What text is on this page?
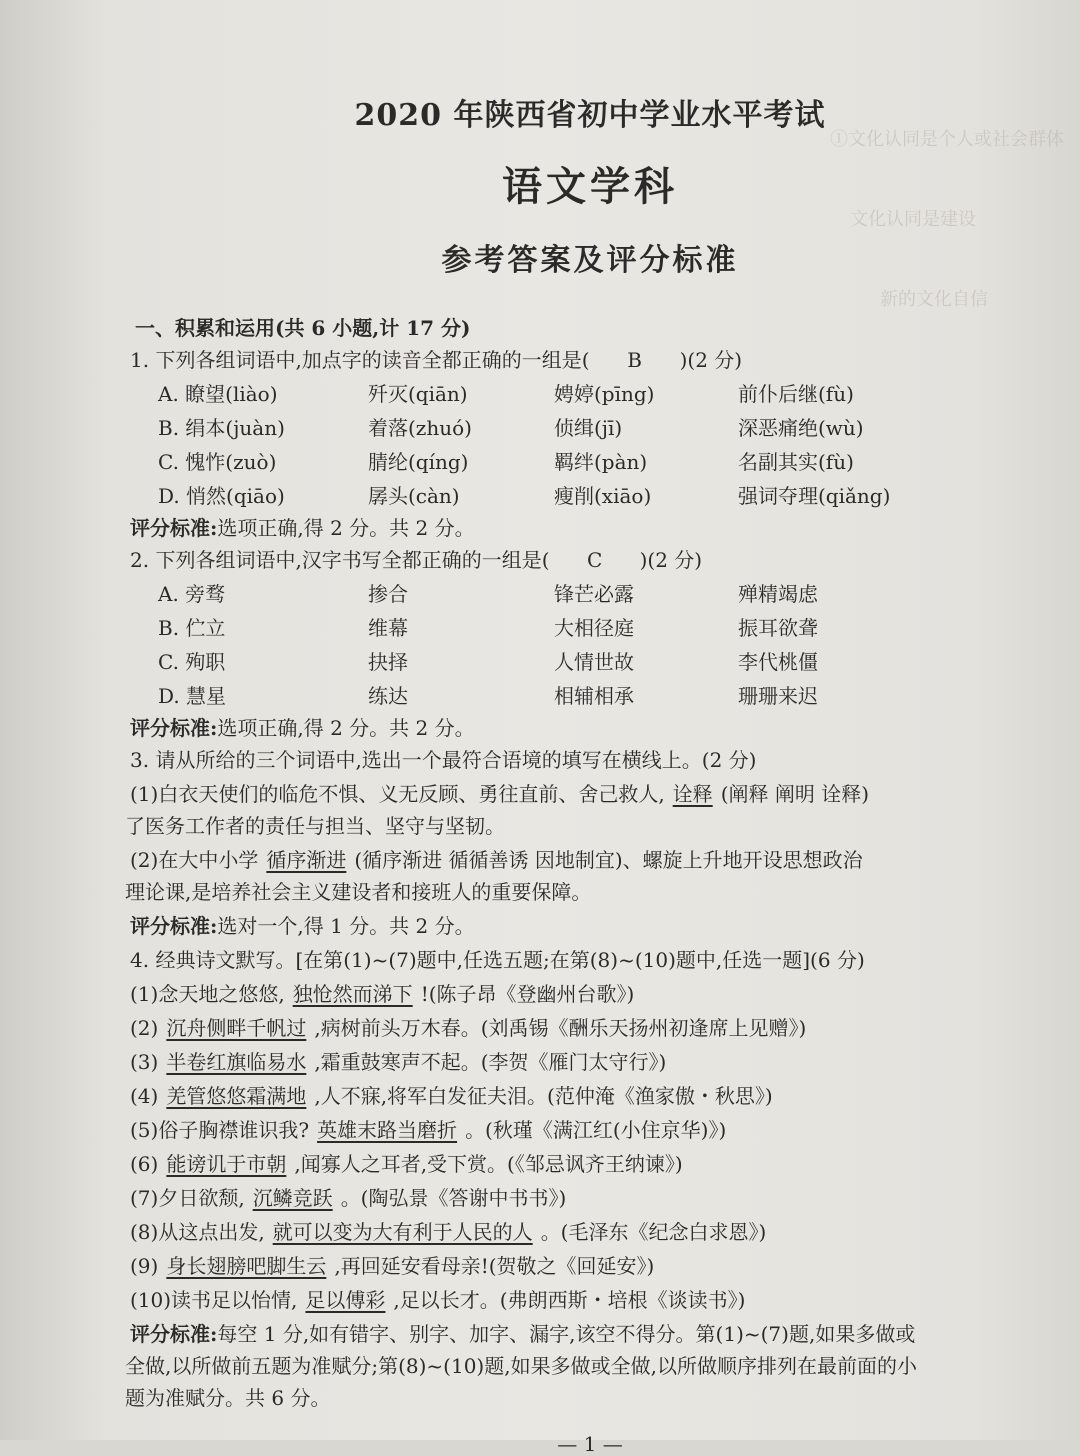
①文化认同是个人或社会群体
文化认同是建设
新的文化自信
2020 年陕西省初中学业水平考试
语文学科
参考答案及评分标准
一、积累和运用(共 6 小题,计 17 分)
1. 下列各组词语中,加点字的读音全都正确的一组是( B )(2 分)
A. 瞭望(liào)	歼灭(qiān)	娉婷(pīng)	前仆后继(fù)
B. 绢本(juàn)	着落(zhuó)	侦缉(jī)	深恶痛绝(wù)
C. 愧怍(zuò)	腈纶(qíng)	羁绊(pàn)	名副其实(fù)
D. 悄然(qiāo)	孱头(càn)	瘦削(xiāo)	强词夺理(qiǎng)
评分标准:选项正确,得 2 分。共 2 分。
2. 下列各组词语中,汉字书写全都正确的一组是( C )(2 分)
A. 旁骛	掺合	锋芒必露	殚精竭虑
B. 伫立	维幕	大相径庭	振耳欲聋
C. 殉职	抉择	人情世故	李代桃僵
D. 慧星	练达	相辅相承	珊珊来迟
评分标准:选项正确,得 2 分。共 2 分。
3. 请从所给的三个词语中,选出一个最符合语境的填写在横线上。(2 分)
(1)白衣天使们的临危不惧、义无反顾、勇往直前、舍己救人, 诠释 (阐释 阐明 诠释)
了医务工作者的责任与担当、坚守与坚韧。
(2)在大中小学 循序渐进 (循序渐进 循循善诱 因地制宜)、螺旋上升地开设思想政治
理论课,是培养社会主义建设者和接班人的重要保障。
评分标准:选对一个,得 1 分。共 2 分。
4. 经典诗文默写。[在第(1)~(7)题中,任选五题;在第(8)~(10)题中,任选一题](6 分)
(1)念天地之悠悠, 独怆然而涕下 !(陈子昂《登幽州台歌》)
(2) 沉舟侧畔千帆过 ,病树前头万木春。(刘禹锡《酬乐天扬州初逢席上见赠》)
(3) 半卷红旗临易水 ,霜重鼓寒声不起。(李贺《雁门太守行》)
(4) 羌管悠悠霜满地 ,人不寐,将军白发征夫泪。(范仲淹《渔家傲・秋思》)
(5)俗子胸襟谁识我? 英雄末路当磨折 。(秋瑾《满江红(小住京华)》)
(6) 能谤讥于市朝 ,闻寡人之耳者,受下赏。(《邹忌讽齐王纳谏》)
(7)夕日欲颓, 沉鳞竞跃 。(陶弘景《答谢中书书》)
(8)从这点出发, 就可以变为大有利于人民的人 。(毛泽东《纪念白求恩》)
(9) 身长翅膀吧脚生云 ,再回延安看母亲!(贺敬之《回延安》)
(10)读书足以怡情, 足以傅彩 ,足以长才。(弗朗西斯・培根《谈读书》)
评分标准:每空 1 分,如有错字、别字、加字、漏字,该空不得分。第(1)~(7)题,如果多做或
全做,以所做前五题为准赋分;第(8)~(10)题,如果多做或全做,以所做顺序排列在最前面的小
题为准赋分。共 6 分。
— 1 —
